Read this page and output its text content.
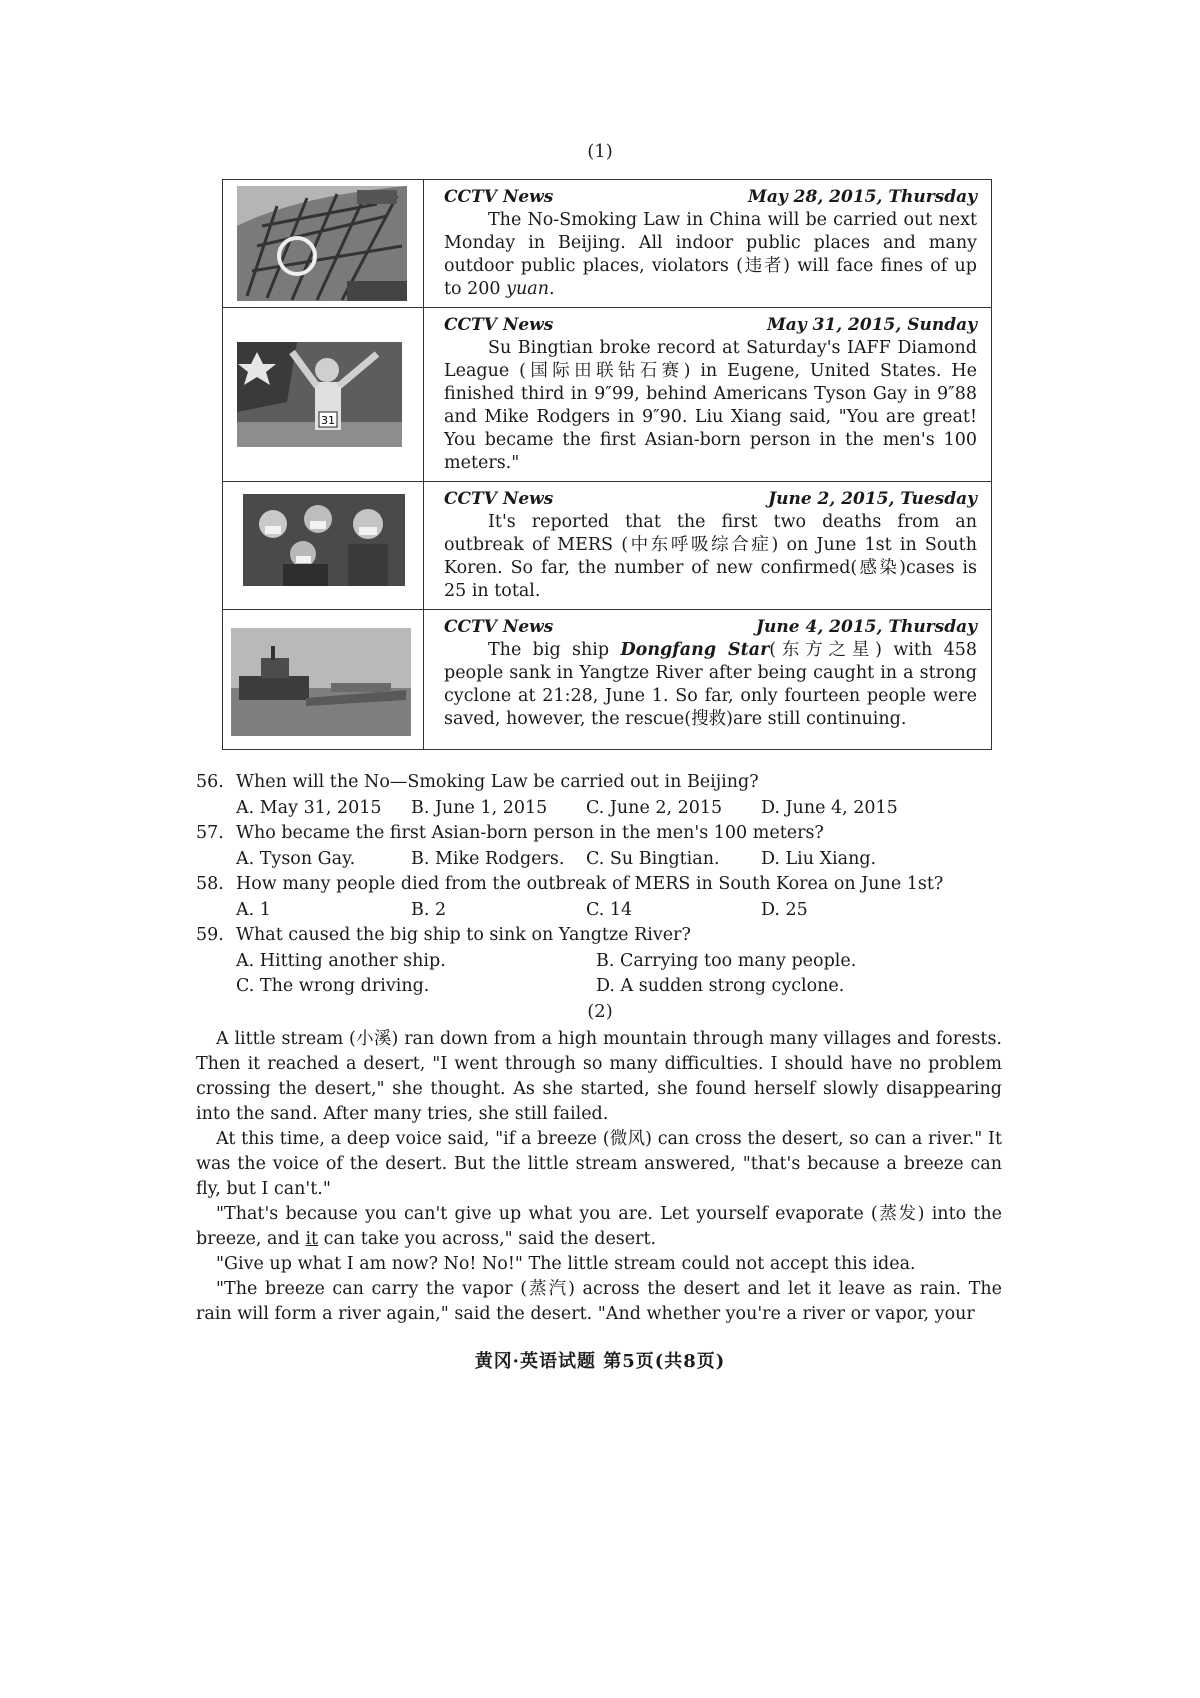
(1)

CCTV News May 28, 2015, Thursday
The No-Smoking Law in China will be carried out next Monday in Beijing. All indoor public places and many outdoor public places, violators (违者) will face fines of up to 200 yuan.

31	CCTV News May 31, 2015, Sunday
Su Bingtian broke record at Saturday's IAFF Diamond League (国际田联钻石赛) in Eugene, United States. He finished third in 9″99, behind Americans Tyson Gay in 9″88 and Mike Rodgers in 9″90. Liu Xiang said, "You are great! You became the first Asian-born person in the men's 100 meters."

CCTV News June 2, 2015, Tuesday
It's reported that the first two deaths from an outbreak of MERS (中东呼吸综合症) on June 1st in South Koren. So far, the number of new confirmed(感染)cases is 25 in total.

CCTV News June 4, 2015, Thursday
The big ship Dongfang Star(东方之星) with 458 people sank in Yangtze River after being caught in a strong cyclone at 21:28, June 1. So far, only fourteen people were saved, however, the rescue(搜救)are still continuing.
56. When will the No—Smoking Law be carried out in Beijing?
A. May 31, 2015	B. June 1, 2015	C. June 2, 2015	D. June 4, 2015
57. Who became the first Asian-born person in the men's 100 meters?
A. Tyson Gay.	B. Mike Rodgers.	C. Su Bingtian.	D. Liu Xiang.
58. How many people died from the outbreak of MERS in South Korea on June 1st?
A. 1	B. 2	C. 14	D. 25
59. What caused the big ship to sink on Yangtze River?
A. Hitting another ship.	B. Carrying too many people.
C. The wrong driving.	D. A sudden strong cyclone.
(2)

A little stream (小溪) ran down from a high mountain through many villages and forests. Then it reached a desert, "I went through so many difficulties. I should have no problem crossing the desert," she thought. As she started, she found herself slowly disappearing into the sand. After many tries, she still failed.

At this time, a deep voice said, "if a breeze (微风) can cross the desert, so can a river." It was the voice of the desert. But the little stream answered, "that's because a breeze can fly, but I can't."

"That's because you can't give up what you are. Let yourself evaporate (蒸发) into the breeze, and it can take you across," said the desert.

"Give up what I am now? No! No!" The little stream could not accept this idea.

"The breeze can carry the vapor (蒸汽) across the desert and let it leave as rain. The rain will form a river again," said the desert. "And whether you're a river or vapor, your

黄冈·英语试题 第5页(共8页)
